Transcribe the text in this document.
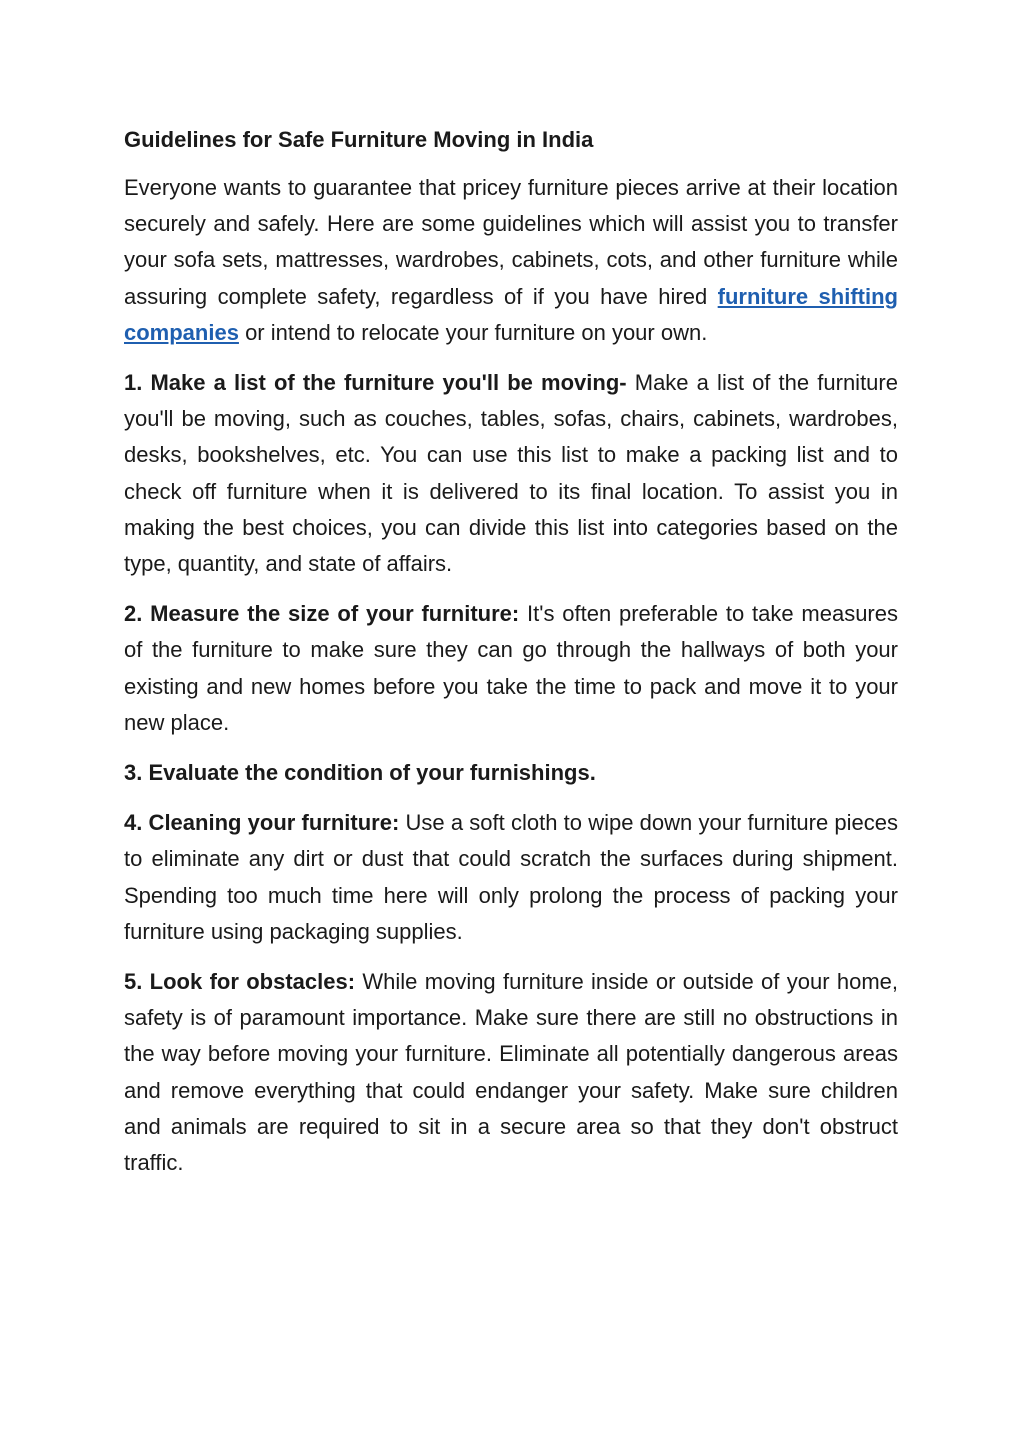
Guidelines for Safe Furniture Moving in India

Everyone wants to guarantee that pricey furniture pieces arrive at their location securely and safely. Here are some guidelines which will assist you to transfer your sofa sets, mattresses, wardrobes, cabinets, cots, and other furniture while assuring complete safety, regardless of if you have hired furniture shifting companies or intend to relocate your furniture on your own.

1. Make a list of the furniture you'll be moving- Make a list of the furniture you'll be moving, such as couches, tables, sofas, chairs, cabinets, wardrobes, desks, bookshelves, etc. You can use this list to make a packing list and to check off furniture when it is delivered to its final location. To assist you in making the best choices, you can divide this list into categories based on the type, quantity, and state of affairs.

2. Measure the size of your furniture: It's often preferable to take measures of the furniture to make sure they can go through the hallways of both your existing and new homes before you take the time to pack and move it to your new place.

3. Evaluate the condition of your furnishings.

4. Cleaning your furniture: Use a soft cloth to wipe down your furniture pieces to eliminate any dirt or dust that could scratch the surfaces during shipment. Spending too much time here will only prolong the process of packing your furniture using packaging supplies.

5. Look for obstacles: While moving furniture inside or outside of your home, safety is of paramount importance. Make sure there are still no obstructions in the way before moving your furniture. Eliminate all potentially dangerous areas and remove everything that could endanger your safety. Make sure children and animals are required to sit in a secure area so that they don't obstruct traffic.
